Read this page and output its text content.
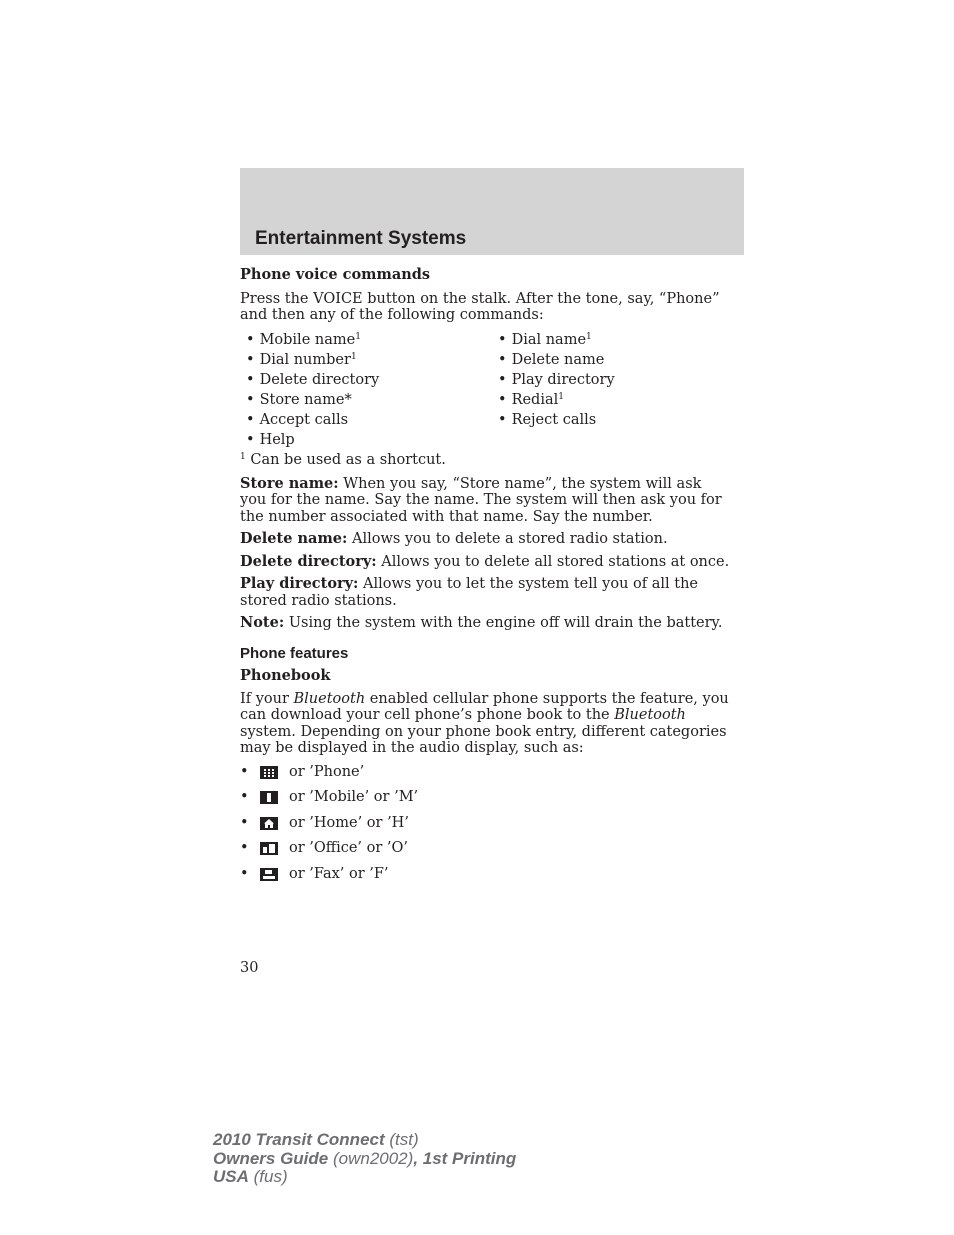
Entertainment Systems

Phone voice commands

Press the VOICE button on the stalk. After the tone, say, “Phone” and then any of the following commands:

• Mobile name$^1$	• Dial name$^1$
• Dial number$^1$	• Delete name
• Delete directory	• Play directory
• Store name*	• Redial$^1$
• Accept calls	• Reject calls
• Help

$^1$ Can be used as a shortcut.

Store name: When you say, “Store name”, the system will ask you for the name. Say the name. The system will then ask you for the number associated with that name. Say the number.

Delete name: Allows you to delete a stored radio station.

Delete directory: Allows you to delete all stored stations at once.

Play directory: Allows you to let the system tell you of all the stored radio stations.

Note: Using the system with the engine off will drain the battery.

Phone features

Phonebook

If your Bluetooth enabled cellular phone supports the feature, you can download your cell phone’s phone book to the Bluetooth system. Depending on your phone book entry, different categories may be displayed in the audio display, such as:

•	or ’Phone’
•	or ’Mobile’ or ’M’
•	or ’Home’ or ’H’
•	or ’Office’ or ’O’
•	or ’Fax’ or ’F’
30
2010 Transit Connect (tst)
Owners Guide (own2002), 1st Printing
USA (fus)
